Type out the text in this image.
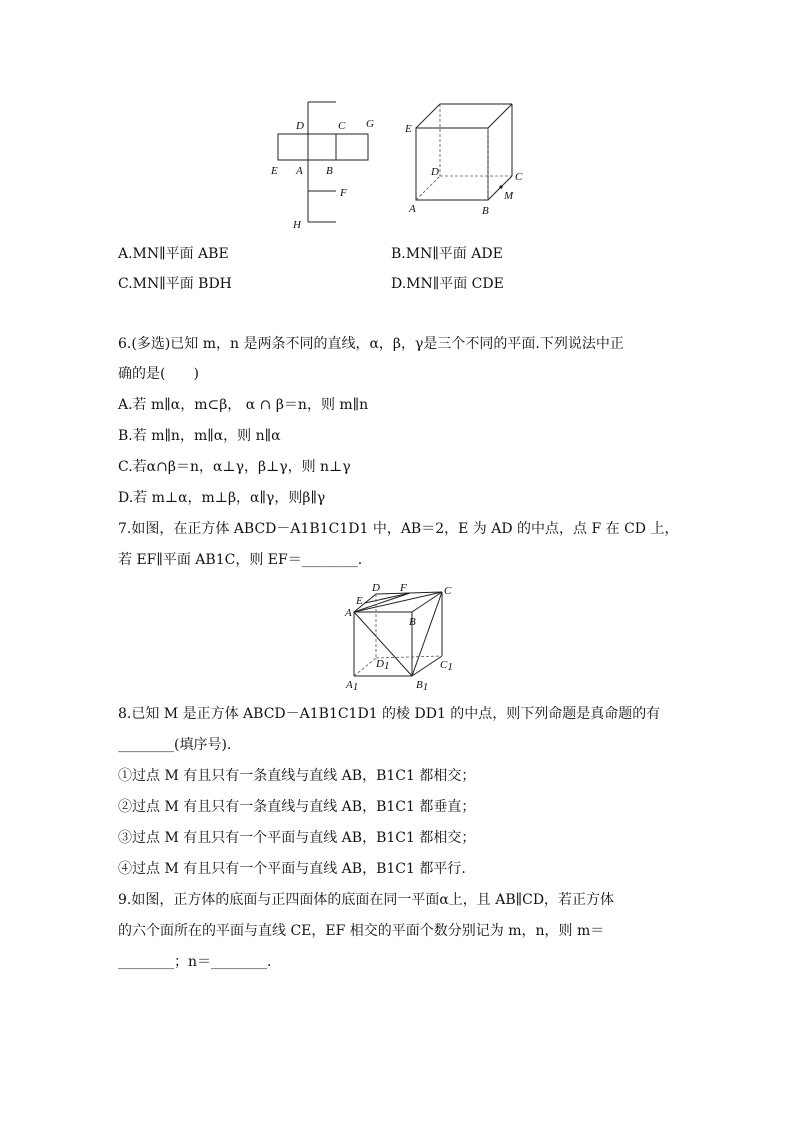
D	C G
E A B
F
H
E
D	C
M
A	B
A.MN∥平面 ABE	B.MN∥平面 ADE
C.MN∥平面 BDH	D.MN∥平面 CDE
6.(多选)已知 m，n 是两条不同的直线，α，β，γ是三个不同的平面.下列说法中正
确的是(　　)
A.若 m∥α，m⊂β， α ∩ β＝n，则 m∥n
B.若 m∥n，m∥α，则 n∥α
C.若α∩β＝n，α⊥γ，β⊥γ，则 n⊥γ
D.若 m⊥α，m⊥β，α∥γ，则β∥γ
7.如图，在正方体 ABCD－A1B1C1D1 中，AB＝2，E 为 AD 的中点，点 F 在 CD 上，
若 EF∥平面 AB1C，则 EF＝________.
D F	C
E
A
B
D1	C1
A1	B1
8.已知 M 是正方体 ABCD－A1B1C1D1 的棱 DD1 的中点，则下列命题是真命题的有
________(填序号).
①过点 M 有且只有一条直线与直线 AB，B1C1 都相交；
②过点 M 有且只有一条直线与直线 AB，B1C1 都垂直；
③过点 M 有且只有一个平面与直线 AB，B1C1 都相交；
④过点 M 有且只有一个平面与直线 AB，B1C1 都平行.
9.如图，正方体的底面与正四面体的底面在同一平面α上，且 AB∥CD，若正方体
的六个面所在的平面与直线 CE，EF 相交的平面个数分别记为 m，n，则 m＝
________；n＝________.
